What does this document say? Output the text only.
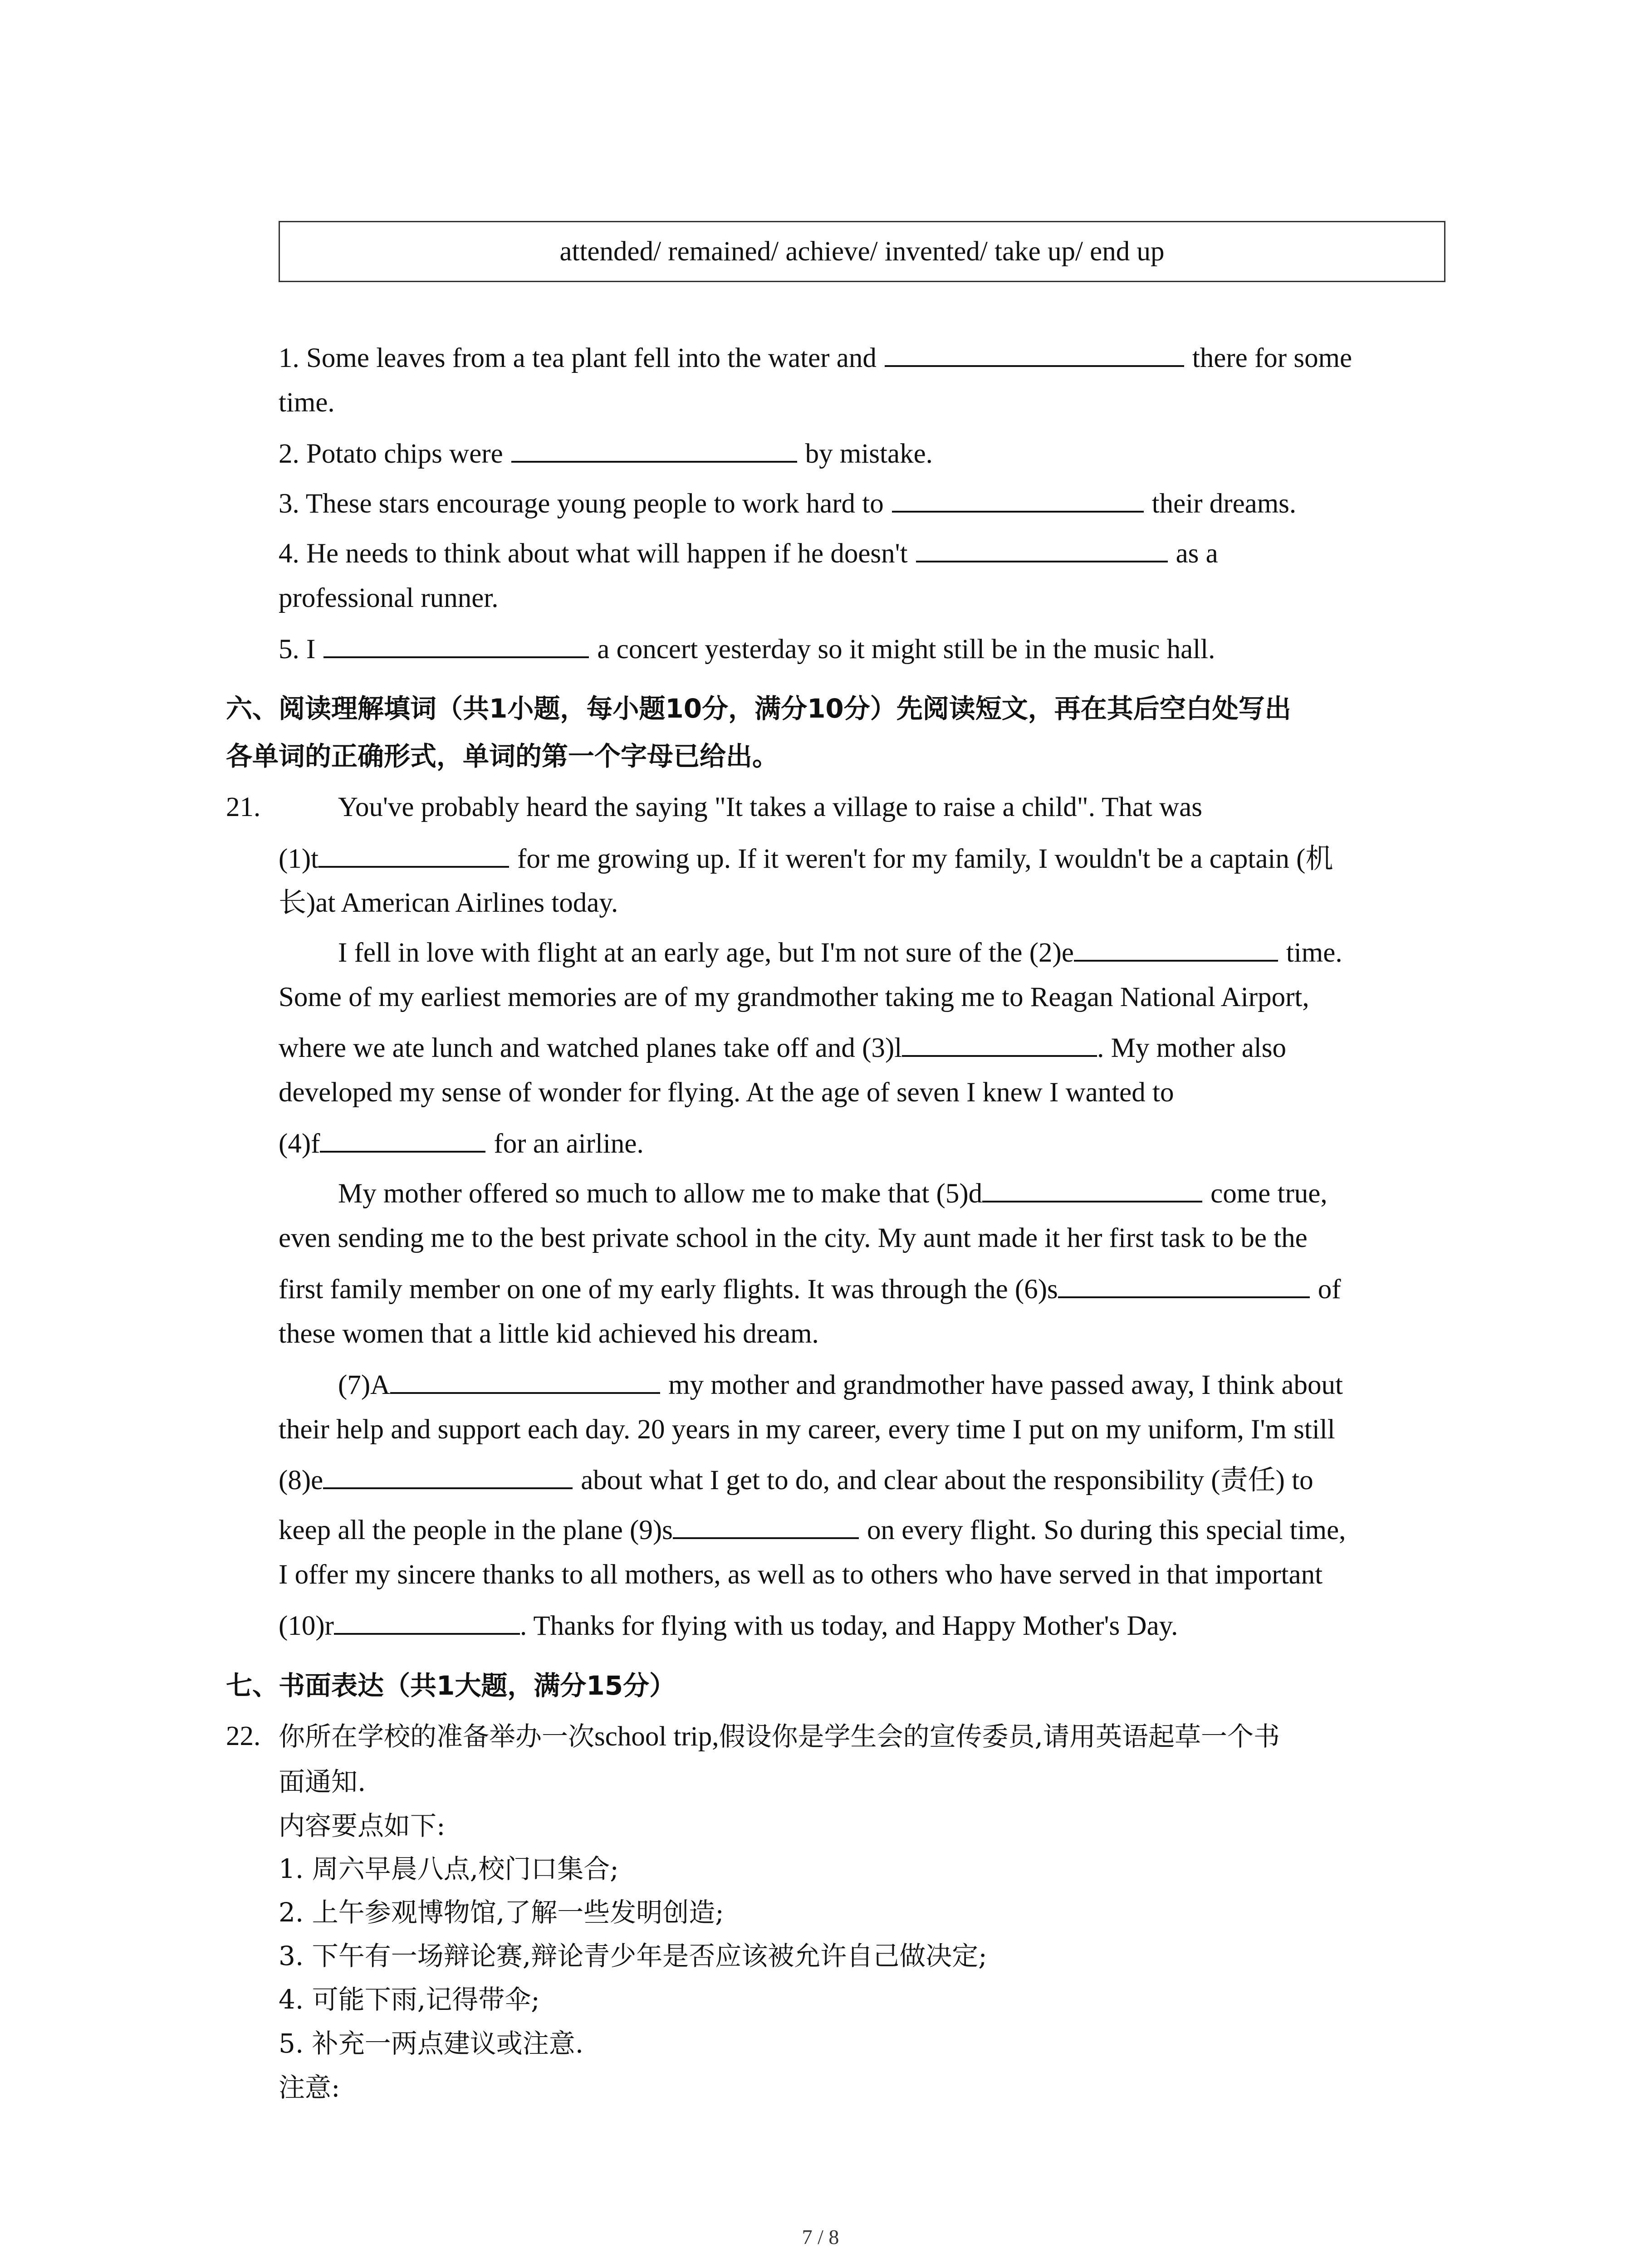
attended/ remained/ achieve/ invented/ take up/ end up
1. Some leaves from a tea plant fell into the water and	there for some
time.
2. Potato chips were	by mistake.
3. These stars encourage young people to work hard to	their dreams.
4. He needs to think about what will happen if he doesn't	as a
professional runner.
5. I	a concert yesterday so it might still be in the music hall.
六、阅读理解填词（共1小题，每小题10分，满分10分）先阅读短文，再在其后空白处写出
各单词的正确形式，单词的第一个字母已给出。
21.	You've probably heard the saying "It takes a village to raise a child". That was
(1)t	for me growing up. If it weren't for my family, I wouldn't be a captain (机
长)at American Airlines today.
I fell in love with flight at an early age, but I'm not sure of the (2)e	time.
Some of my earliest memories are of my grandmother taking me to Reagan National Airport,
where we ate lunch and watched planes take off and (3)l	. My mother also
developed my sense of wonder for flying. At the age of seven I knew I wanted to
(4)f	for an airline.
My mother offered so much to allow me to make that (5)d	come true,
even sending me to the best private school in the city. My aunt made it her first task to be the
first family member on one of my early flights. It was through the (6)s	of
these women that a little kid achieved his dream.
(7)A	my mother and grandmother have passed away, I think about
their help and support each day. 20 years in my career, every time I put on my uniform, I'm still
(8)e	about what I get to do, and clear about the responsibility (责任) to
keep all the people in the plane (9)s	on every flight. So during this special time,
I offer my sincere thanks to all mothers, as well as to others who have served in that important
(10)r	. Thanks for flying with us today, and Happy Mother's Day.
七、书面表达（共1大题，满分15分）
22. 你所在学校的准备举办一次school trip,假设你是学生会的宣传委员,请用英语起草一个书
面通知.
内容要点如下:
1. 周六早晨八点,校门口集合;
2. 上午参观博物馆,了解一些发明创造;
3. 下午有一场辩论赛,辩论青少年是否应该被允许自己做决定;
4. 可能下雨,记得带伞;
5. 补充一两点建议或注意.
注意:
7 / 8
